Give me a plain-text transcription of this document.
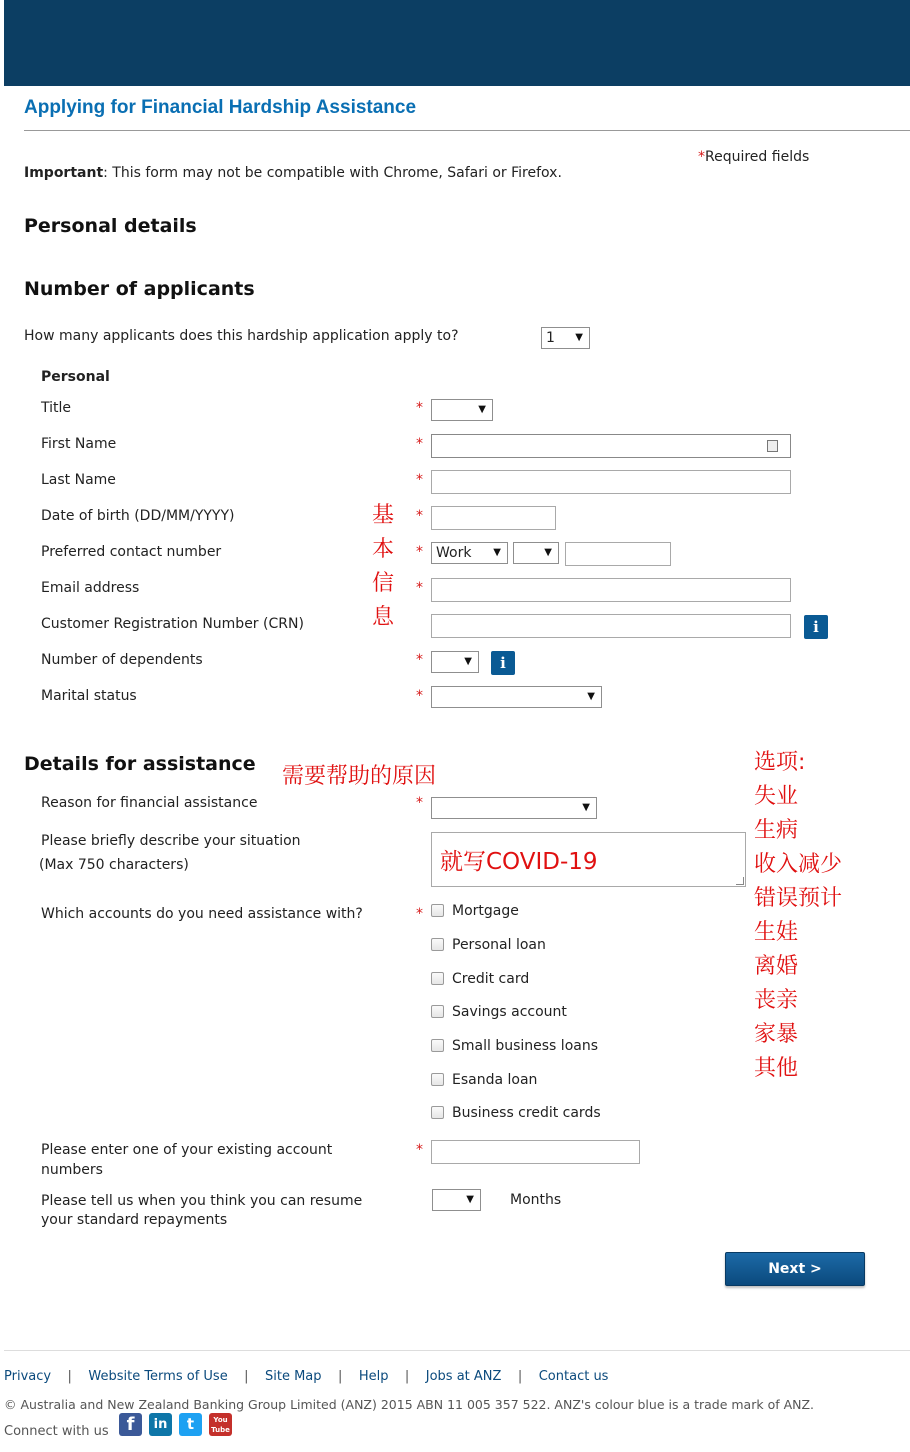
Applying for Financial Hardship Assistance
*Required fields
Important: This form may not be compatible with Chrome, Safari or Firefox.
Personal details
Number of applicants
How many applicants does this hardship application apply to?	1 ▼
Personal
Title	*	▼
First Name	*
Last Name	*
Date of birth (DD/MM/YYYY)	*
Preferred contact number	* Work ▼	▼
Email address	*
Customer Registration Number (CRN)	i
Number of dependents	*	▼	i
Marital status	*	▼
基
本
信
息
Details for assistance 需要帮助的原因
Reason for financial assistance	*	▼
Please briefly describe your situation
(Max 750 characters)	就写COVID-19
Which accounts do you need assistance with?	* Mortgage
Personal loan
Credit card
Savings account
Small business loans
Esanda loan
Business credit cards
选项:
失业
生病
收入减少
错误预计
生娃
离婚
丧亲
家暴
其他
Please enter one of your existing account
numbers
*
Please tell us when you think you can resume
your standard repayments
▼	Months
Next >
Privacy | Website Terms of Use | Site Map | Help | Jobs at ANZ | Contact us
© Australia and New Zealand Banking Group Limited (ANZ) 2015 ABN 11 005 357 522. ANZ's colour blue is a trade mark of ANZ.
Connect with us f	in	t	You Tube
